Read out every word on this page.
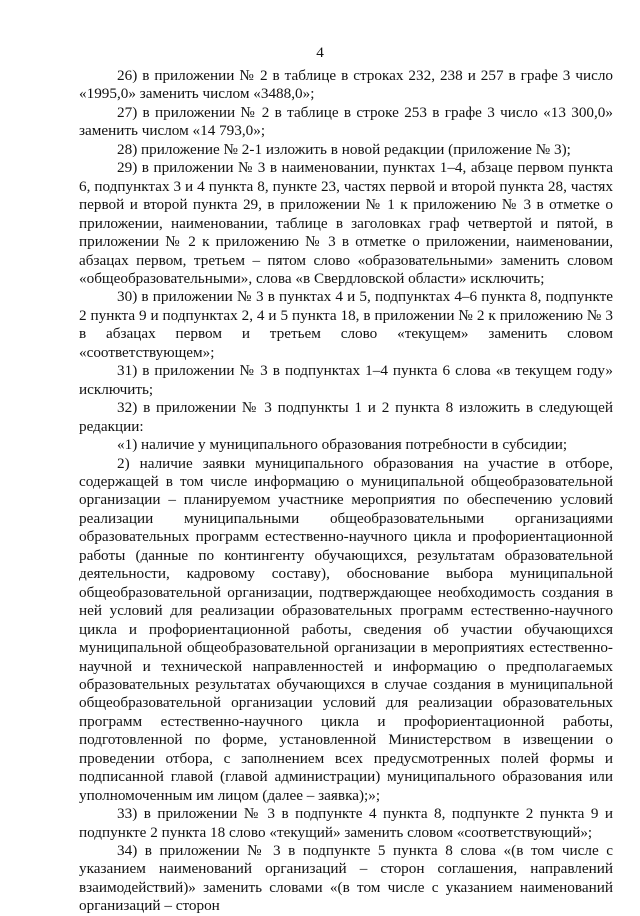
4

26) в приложении № 2 в таблице в строках 232, 238 и 257 в графе 3 число «1995,0» заменить числом «3488,0»;

27) в приложении № 2 в таблице в строке 253 в графе 3 число «13 300,0» заменить числом «14 793,0»;

28) приложение № 2-1 изложить в новой редакции (приложение № 3);

29) в приложении № 3 в наименовании, пунктах 1–4, абзаце первом пункта 6, подпунктах 3 и 4 пункта 8, пункте 23, частях первой и второй пункта 28, частях первой и второй пункта 29, в приложении № 1 к приложению № 3 в отметке о приложении, наименовании, таблице в заголовках граф четвертой и пятой, в приложении № 2 к приложению № 3 в отметке о приложении, наименовании, абзацах первом, третьем – пятом слово «образовательными» заменить словом «общеобразовательными», слова «в Свердловской области» исключить;

30) в приложении № 3 в пунктах 4 и 5, подпунктах 4–6 пункта 8, подпункте 2 пункта 9 и подпунктах 2, 4 и 5 пункта 18, в приложении № 2 к приложению № 3 в абзацах первом и третьем слово «текущем» заменить словом «соответствующем»;

31) в приложении № 3 в подпунктах 1–4 пункта 6 слова «в текущем году» исключить;

32) в приложении № 3 подпункты 1 и 2 пункта 8 изложить в следующей редакции:

«1) наличие у муниципального образования потребности в субсидии;

2) наличие заявки муниципального образования на участие в отборе, содержащей в том числе информацию о муниципальной общеобразовательной организации – планируемом участнике мероприятия по обеспечению условий реализации муниципальными общеобразовательными организациями образовательных программ естественно-научного цикла и профориентационной работы (данные по контингенту обучающихся, результатам образовательной деятельности, кадровому составу), обоснование выбора муниципальной общеобразовательной организации, подтверждающее необходимость создания в ней условий для реализации образовательных программ естественно-научного цикла и профориентационной работы, сведения об участии обучающихся муниципальной общеобразовательной организации в мероприятиях естественно-научной и технической направленностей и информацию о предполагаемых образовательных результатах обучающихся в случае создания в муниципальной общеобразовательной организации условий для реализации образовательных программ естественно-научного цикла и профориентационной работы, подготовленной по форме, установленной Министерством в извещении о проведении отбора, с заполнением всех предусмотренных полей формы и подписанной главой (главой администрации) муниципального образования или уполномоченным им лицом (далее – заявка);»;

33) в приложении № 3 в подпункте 4 пункта 8, подпункте 2 пункта 9 и подпункте 2 пункта 18 слово «текущий» заменить словом «соответствующий»;

34) в приложении № 3 в подпункте 5 пункта 8 слова «(в том числе с указанием наименований организаций – сторон соглашения, направлений взаимодействий)» заменить словами «(в том числе с указанием наименований организаций – сторон
